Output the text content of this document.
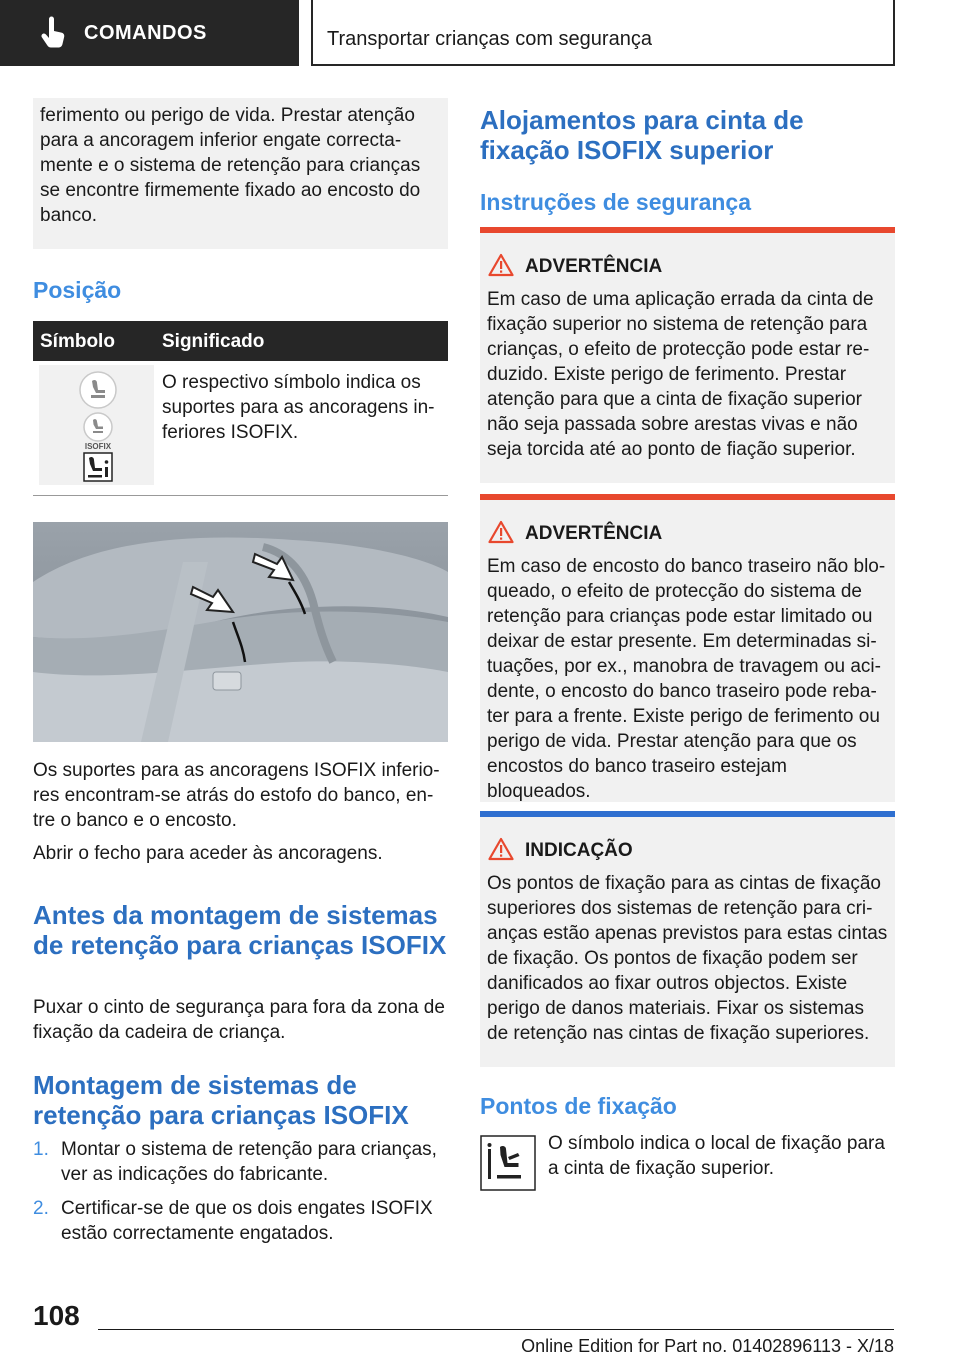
COMANDOS	Transportar crianças com segurança

ferimento ou perigo de vida. Prestar atenção para a ancoragem inferior engate correctamente e o sistema de retenção para crianças se encontre firmemente fixado ao encosto do banco.

Posição
Símbolo Significado
ISOFIX

O respectivo símbolo indica os suportes para as ancoragens inferiores ISOFIX.

Os suportes para as ancoragens ISOFIX inferiores encontram-se atrás do estofo do banco, entre o banco e o encosto.

Abrir o fecho para aceder às ancoragens.

Antes da montagem de sistemas de retenção para crianças ISOFIX

Puxar o cinto de segurança para fora da zona de fixação da cadeira de criança.

Montagem de sistemas de retenção para crianças ISOFIX
1. Montar o sistema de retenção para crianças, ver as indicações do fabricante.
2. Certificar-se de que os dois engates ISOFIX estão correctamente engatados.
Alojamentos para cinta de fixação ISOFIX superior
Instruções de segurança
ADVERTÊNCIA

Em caso de uma aplicação errada da cinta de fixação superior no sistema de retenção para crianças, o efeito de protecção pode estar reduzido. Existe perigo de ferimento. Prestar atenção para que a cinta de fixação superior não seja passada sobre arestas vivas e não seja torcida até ao ponto de fiação superior.

ADVERTÊNCIA

Em caso de encosto do banco traseiro não bloqueado, o efeito de protecção do sistema de retenção para crianças pode estar limitado ou deixar de estar presente. Em determinadas situações, por ex., manobra de travagem ou acidente, o encosto do banco traseiro pode rebater para a frente. Existe perigo de ferimento ou perigo de vida. Prestar atenção para que os encostos do banco traseiro estejam bloqueados.

INDICAÇÃO

Os pontos de fixação para as cintas de fixação superiores dos sistemas de retenção para crianças estão apenas previstos para estas cintas de fixação. Os pontos de fixação podem ser danificados ao fixar outros objectos. Existe perigo de danos materiais. Fixar os sistemas de retenção nas cintas de fixação superiores.

Pontos de fixação

O símbolo indica o local de fixação para a cinta de fixação superior.

108
Online Edition for Part no. 01402896113 - X/18
